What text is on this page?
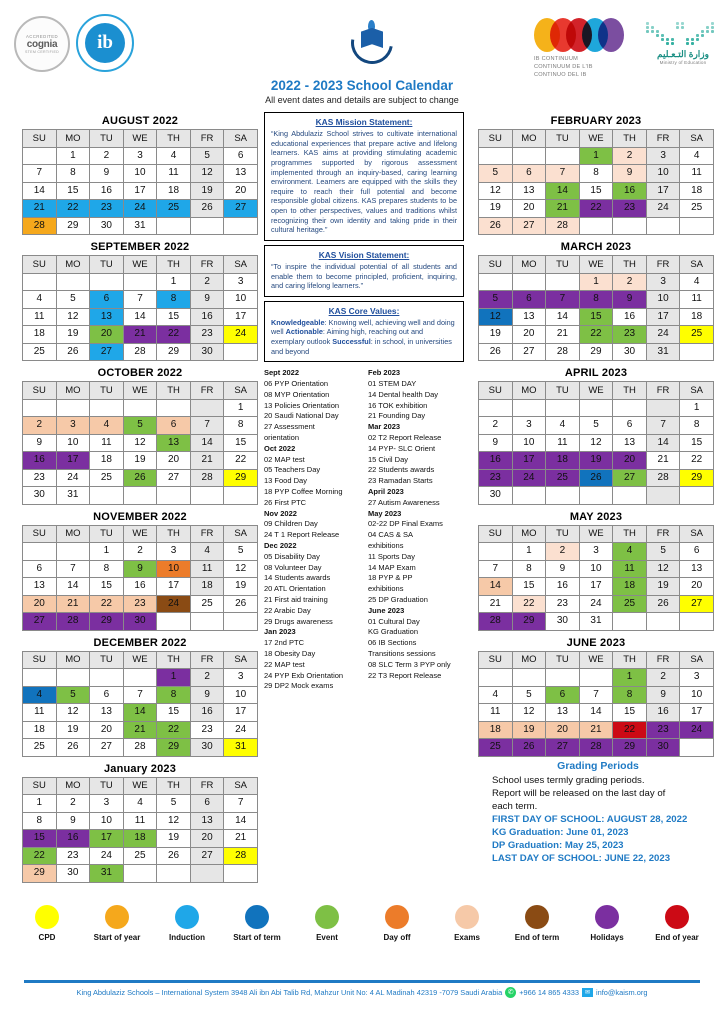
ACCREDITED
cognia
STEM CERTIFIED	ib
IB CONTINUUM
CONTINUUM DE L'IB
CONTINUO DEL IB
وزارة التـعـليم
Ministry of Education
2022 - 2023 School Calendar
All event dates and details are subject to change
AUGUST 2022
SU	MO	TU	WE	TH	FR	SA
	1	2	3	4	5	6
7	8	9	10	11	12	13
14	15	16	17	18	19	20
21	22	23	24	25	26	27
28	29	30	31			
SEPTEMBER 2022
SU	MO	TU	WE	TH	FR	SA
				1	2	3
4	5	6	7	8	9	10
11	12	13	14	15	16	17
18	19	20	21	22	23	24
25	26	27	28	29	30	
OCTOBER 2022
SU	MO	TU	WE	TH	FR	SA
						1
2	3	4	5	6	7	8
9	10	11	12	13	14	15
16	17	18	19	20	21	22
23	24	25	26	27	28	29
30	31					
NOVEMBER 2022
SU	MO	TU	WE	TH	FR	SA
		1	2	3	4	5
6	7	8	9	10	11	12
13	14	15	16	17	18	19
20	21	22	23	24	25	26
27	28	29	30			
DECEMBER 2022
SU	MO	TU	WE	TH	FR	SA
				1	2	3
4	5	6	7	8	9	10
11	12	13	14	15	16	17
18	19	20	21	22	23	24
25	26	27	28	29	30	31
January 2023
SU	MO	TU	WE	TH	FR	SA
1	2	3	4	5	6	7
8	9	10	11	12	13	14
15	16	17	18	19	20	21
22	23	24	25	26	27	28
29	30	31				
KAS Mission Statement:

“King Abdulaziz School strives to cultivate international educational experiences that prepare active and lifelong learners. KAS aims at providing stimulating academic programmes supported by rigorous assessment implemented through an inquiry-based, caring learning environment. Learners are equipped with the skills they require to reach their full potential and become responsible global citizens. KAS prepares students to be open to other perspectives, values and traditions whilst recognizing their own identity and taking pride in their cultural heritage.”

KAS Vision Statement:

“To inspire the individual potential of all students and enable them to become principled, proficient, inquiring, and caring lifelong learners.”

KAS Core Values:

Knowledgeable: Knowing well, achieving well and doing well Actionable: Aiming high, reaching out and exemplary outlook Successful: in school, in universities and beyond

Sept 2022
06 PYP Orientation
08 MYP Orientation
13 Policies Orientation
20 Saudi National Day
27 Assessment
orientation
Oct 2022
02 MAP test
05 Teachers Day
13 Food Day
18 PYP Coffee Morning
26 First PTC
Nov 2022
09 Children Day
24 T 1 Report Release
Dec 2022
05 Disability Day
08 Volunteer Day
14 Students awards
20 ATL Orientation
21 First aid training
22 Arabic Day
29 Drugs awareness
Jan 2023
17 2nd PTC
18 Obesity Day
22 MAP test
24 PYP Exb Orientation
29 DP2 Mock exams
Feb 2023
01 STEM DAY
14 Dental health Day
16 TOK exhibition
21 Founding Day
Mar 2023
02 T2 Report Release
14 PYP- SLC Orient
15 Civil Day
22 Students awards
23 Ramadan Starts
April 2023
27 Autism Awareness
May 2023
02-22 DP Final Exams
04 CAS & SA
exhibitions
11 Sports Day
14 MAP Exam
18 PYP & PP
exhibitions
25 DP Graduation
June 2023
01 Cultural Day
KG Graduation
06 IB Sections
Transitions sessions
08 SLC Term 3 PYP only
22 T3 Report Release
FEBRUARY 2023
SU	MO	TU	WE	TH	FR	SA
			1	2	3	4
5	6	7	8	9	10	11
12	13	14	15	16	17	18
19	20	21	22	23	24	25
26	27	28				
MARCH 2023
SU	MO	TU	WE	TH	FR	SA
			1	2	3	4
5	6	7	8	9	10	11
12	13	14	15	16	17	18
19	20	21	22	23	24	25
26	27	28	29	30	31	
APRIL 2023
SU	MO	TU	WE	TH	FR	SA
						1
2	3	4	5	6	7	8
9	10	11	12	13	14	15
16	17	18	19	20	21	22
23	24	25	26	27	28	29
30						
MAY 2023
SU	MO	TU	WE	TH	FR	SA
	1	2	3	4	5	6
7	8	9	10	11	12	13
14	15	16	17	18	19	20
21	22	23	24	25	26	27
28	29	30	31			
JUNE 2023
SU	MO	TU	WE	TH	FR	SA
				1	2	3
4	5	6	7	8	9	10
11	12	13	14	15	16	17
18	19	20	21	22	23	24
25	26	27	28	29	30	
Grading Periods
School uses termly grading periods.
Report will be released on the last day of
each term.
FIRST DAY OF SCHOOL: AUGUST 28, 2022
KG Graduation: June 01, 2023
DP Graduation: May 25, 2023
LAST DAY OF SCHOOL: JUNE 22, 2023
CPD	Start of year	Induction	Start of term	Event	Day off	Exams	End of term	Holidays	End of year
King Abdulaziz Schools – International System 3948 Ali ibn Abi Talib Rd, Mahzur Unit No: 4 AL Madinah 42319 -7079 Saudi Arabia ✆ +966 14 865 4333 ✉ info@kaism.org
